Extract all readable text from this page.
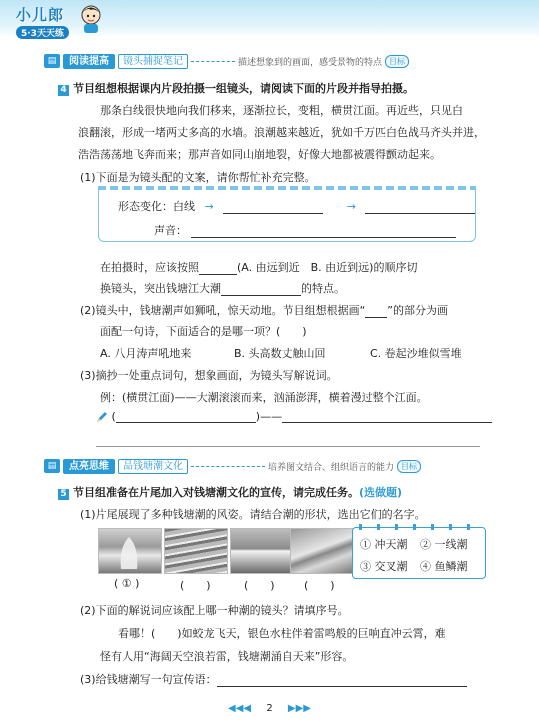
小儿郎
5·3天天练
▤	阅读提高	镜头捕捉笔记	描述想象到的画面，感受景物的特点 目标
4 节目组想根据课内片段拍摄一组镜头，请阅读下面的片段并指导拍摄。
那条白线很快地向我们移来，逐渐拉长，变粗，横贯江面。再近些，只见白
浪翻滚，形成一堵两丈多高的水墙。浪潮越来越近，犹如千万匹白色战马齐头并进，
浩浩荡荡地飞奔而来；那声音如同山崩地裂，好像大地都被震得颤动起来。
(1)下面是为镜头配的文案，请你帮忙补充完整。
形态变化：白线 →	→
声音：
在拍摄时，应该按照	(A. 由远到近　B. 由近到远)的顺序切
换镜头，突出钱塘江大潮	的特点。
(2)镜头中，钱塘潮声如狮吼，惊天动地。节目组想根据画“ ”的部分为画
面配一句诗，下面适合的是哪一项？(　　)
A. 八月涛声吼地来	B. 头高数丈触山回	C. 卷起沙堆似雪堆
(3)摘抄一处重点词句，想象画面，为镜头写解说词。
例：(横贯江面)——大潮滚滚而来，汹涌澎湃，横着漫过整个江面。
(	)——
▤	点亮思维	品钱塘潮文化	培养图文结合、组织语言的能力 目标
5 节目组准备在片尾加入对钱塘潮文化的宣传，请完成任务。(选做题)
(1)片尾展现了多种钱塘潮的风姿。请结合潮的形状，选出它们的名字。
( ① )	(　　)	(　　)	(　　)
① 冲天潮 ② 一线潮
③ 交叉潮 ④ 鱼鳞潮
(2)下面的解说词应该配上哪一种潮的镜头？请填序号。
看哪！(　　)如蛟龙飞天，银色水柱伴着雷鸣般的巨响直冲云霄，难
怪有人用“海阔天空浪若雷，钱塘潮涌自天来”形容。
(3)给钱塘潮写一句宣传语：
◀◀◀ 2 ▶▶▶
